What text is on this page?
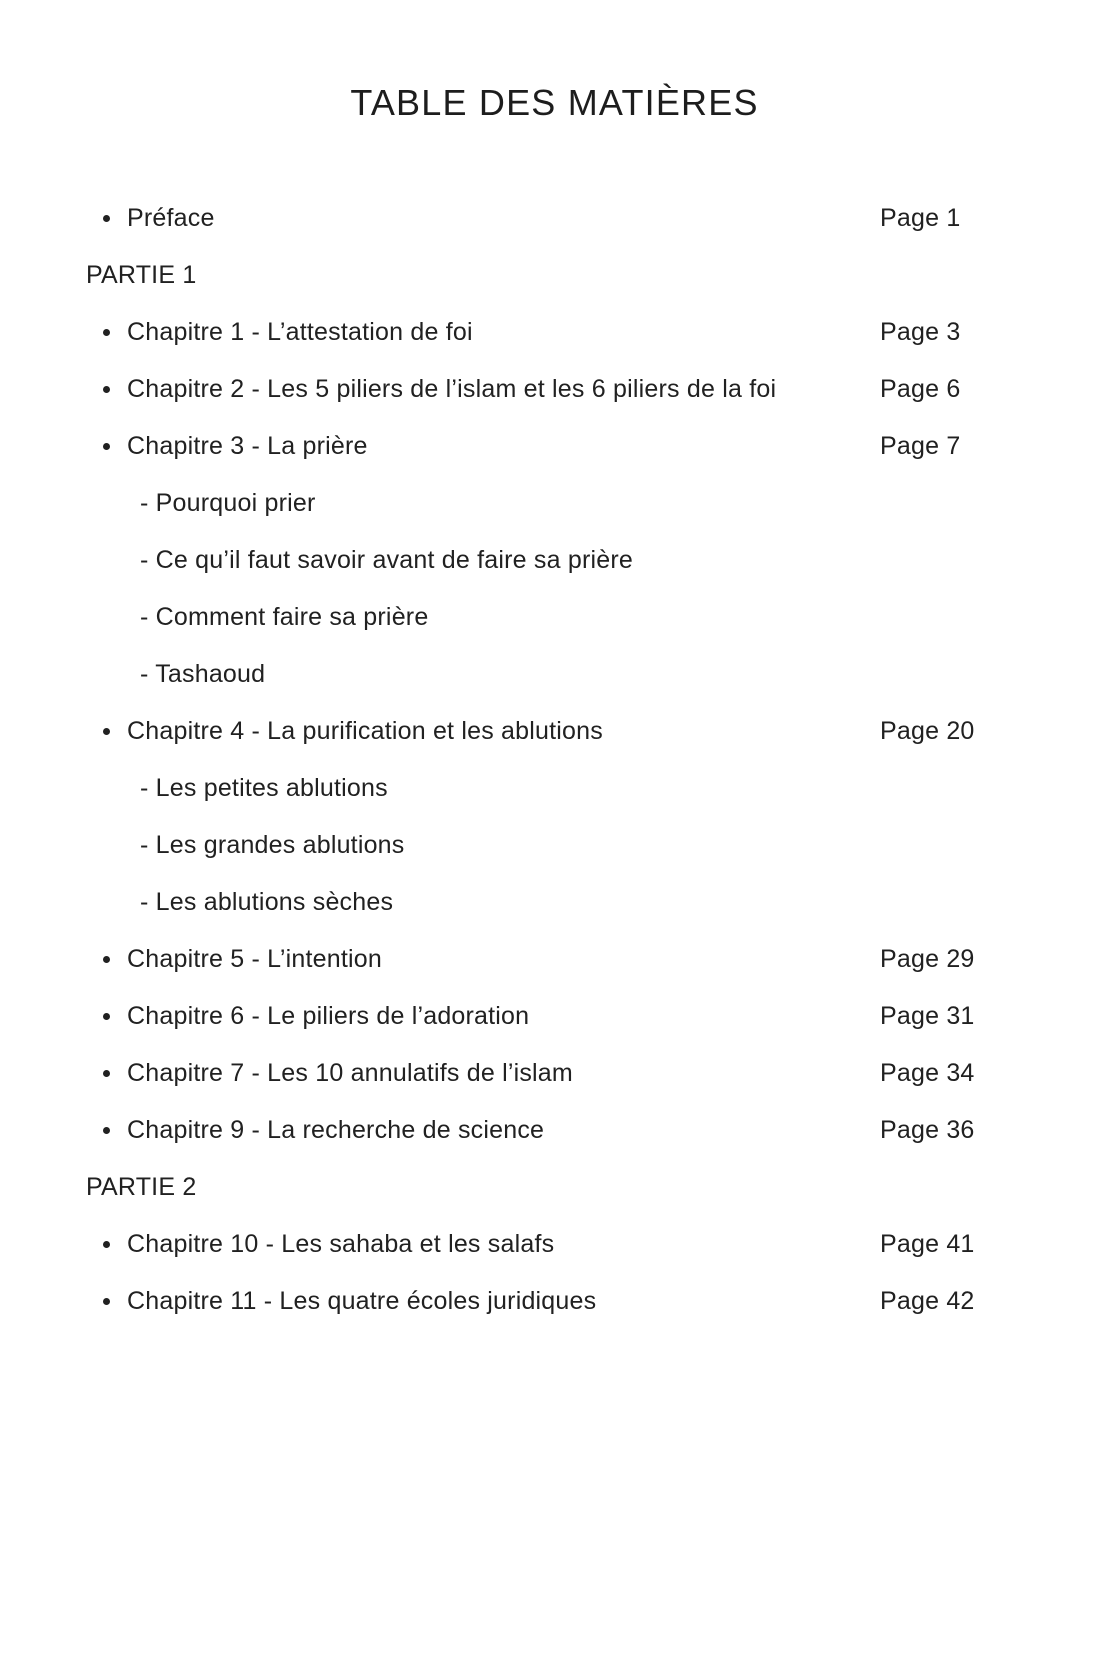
TABLE DES MATIÈRES
Préface	Page 1
PARTIE 1
Chapitre 1 - L’attestation de foi	Page 3
Chapitre 2 - Les 5 piliers de l’islam et les 6 piliers de la foi	Page 6
Chapitre 3 - La prière	Page 7
- Pourquoi prier
- Ce qu’il faut savoir avant de faire sa prière
- Comment faire sa prière
- Tashaoud
Chapitre 4 - La purification et les ablutions	Page 20
- Les petites ablutions
- Les grandes ablutions
- Les ablutions sèches
Chapitre 5 - L’intention	Page 29
Chapitre 6 - Le piliers de l’adoration	Page 31
Chapitre 7 - Les 10 annulatifs de l’islam	Page 34
Chapitre 9 - La recherche de science	Page 36
PARTIE 2
Chapitre 10 - Les sahaba et les salafs	Page 41
Chapitre 11 - Les quatre écoles juridiques	Page 42
